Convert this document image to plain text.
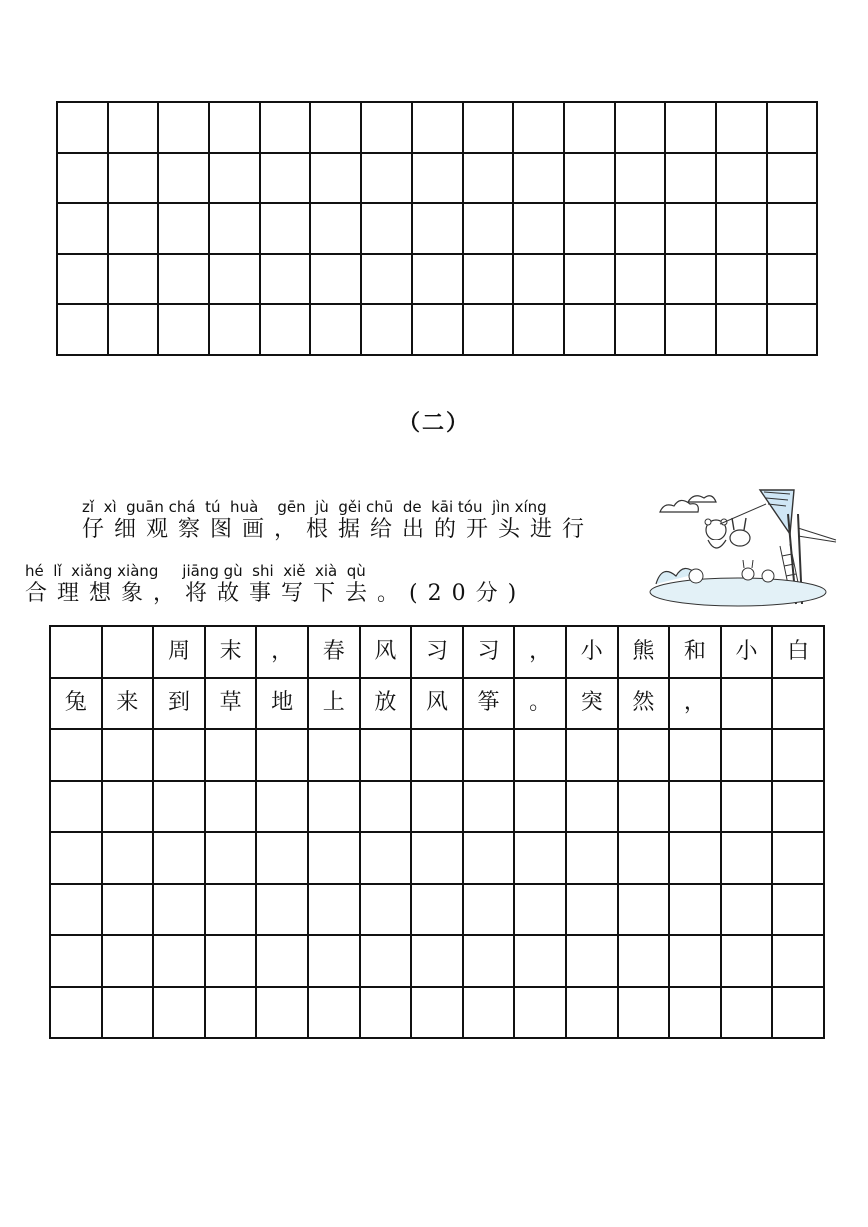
（二）
zǐ  xì  guān chá  tú  huà    gēn  jù  gěi chū  de  kāi tóu  jìn xíng
仔细观察图画，根据给出的开头进行
hé  lǐ  xiǎng xiàng     jiāng gù  shi  xiě  xià  qù
合理想象，将故事写下去。(20分)
		周	末	，	春	风	习	习	，	小	熊	和	小	白
兔	来	到	草	地	上	放	风	筝	。	突	然	，		
